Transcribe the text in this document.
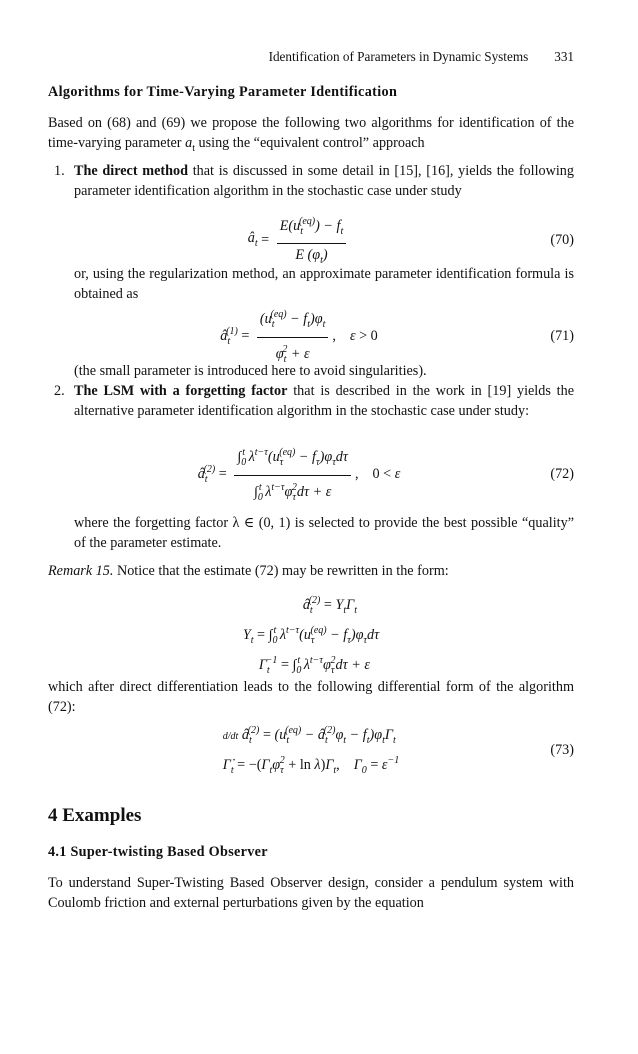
Identification of Parameters in Dynamic Systems 331
Algorithms for Time-Varying Parameter Identification
Based on (68) and (69) we propose the following two algorithms for identification of the time-varying parameter $a_t$ using the “equivalent control” approach
1. The direct method that is discussed in some detail in [15], [16], yields the following parameter identification algorithm in the stochastic case under study
$â_t = \frac{E(u_t^{(eq)}) - f_t}{E (\varphi_t)}$	(70)
or, using the regularization method, an approximate parameter identification formula is obtained as
$â_t^{(1)} = \frac{(u_t^{(eq)} - f_t)\varphi_t}{\varphi_t^2 + \varepsilon}$ , ε > 0	(71)
(the small parameter is introduced here to avoid singularities).
2. The LSM with a forgetting factor that is described in the work in [19] yields the alternative parameter identification algorithm in the stochastic case under study:
$â_t^{(2)} = \frac{\int_0^t \lambda^{t-\tau}(u_\tau^{(eq)} - f_\tau)\varphi_\tau d\tau}{\int_0^t \lambda^{t-\tau}\varphi_\tau^2d\tau + \varepsilon}$ , 0 < ε	(72)
where the forgetting factor λ ∈ (0, 1) is selected to provide the best possible “quality” of the parameter estimate.
Remark 15. Notice that the estimate (72) may be rewritten in the form:
$â_t^{(2)} = Y_t\Gamma_t$
$Y_t = \int_0^t$ $\lambda^{t-\tau}(u_\tau^{(eq)} - f_\tau)\varphi_\tau d\tau$
$\Gamma_t^{-1} = \int_0^t$ $\lambda^{t-\tau}\varphi_\tau^2d\tau + \varepsilon$
which after direct differentiation leads to the following differential form of the algorithm (72):
d/dt $â_t^{(2)} = (u_t^{(eq)}$ − $â_t^{(2)}\varphi_t - f_t)\varphi_t\Gamma_t$
$\Gamma_t = -(\Gamma_t\varphi_\tau^2 + \ln \lambda)\Gamma_t$, $\Gamma_0 = \varepsilon^{-1}$
(73)
4 Examples
4.1 Super-twisting Based Observer
To understand Super-Twisting Based Observer design, consider a pendulum system with Coulomb friction and external perturbations given by the equation
